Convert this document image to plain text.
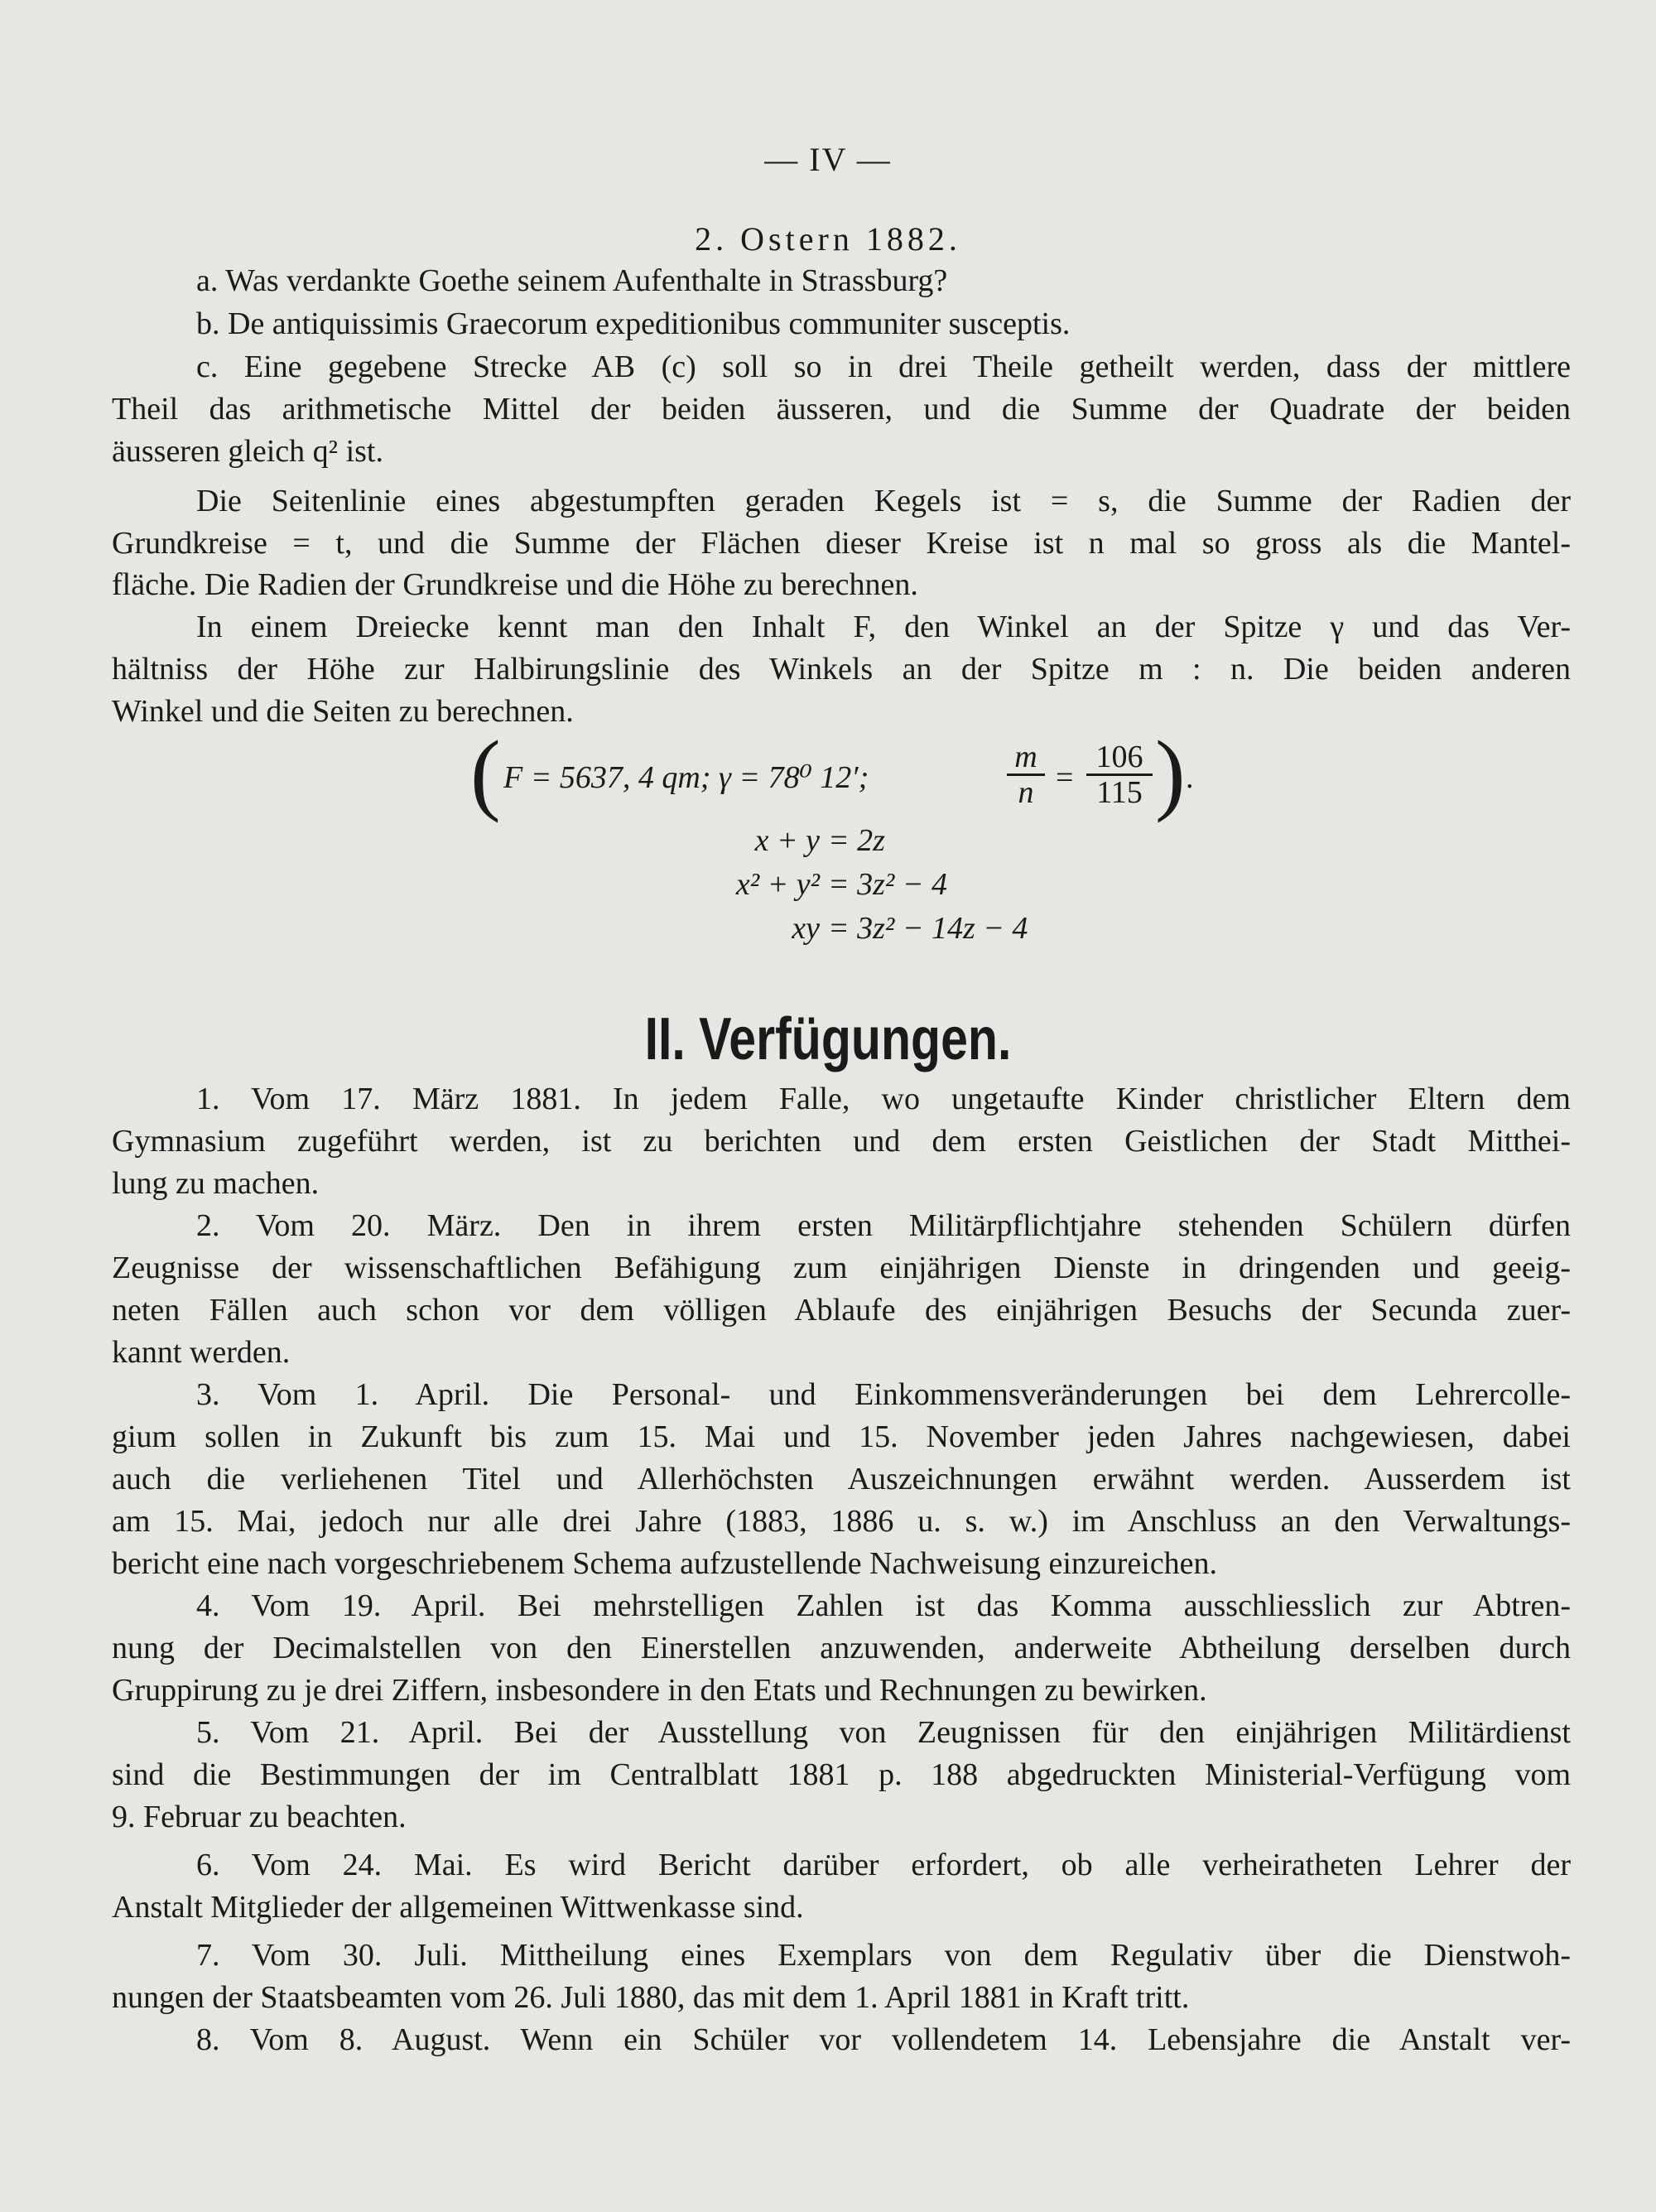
— IV —
2. Ostern 1882.
a. Was verdankte Goethe seinem Aufenthalte in Strassburg?
b. De antiquissimis Graecorum expeditionibus communiter susceptis.
c. Eine gegebene Strecke AB (c) soll so in drei Theile getheilt werden, dass der mittlere
Theil das arithmetische Mittel der beiden äusseren, und die Summe der Quadrate der beiden
äusseren gleich q² ist.
Die Seitenlinie eines abgestumpften geraden Kegels ist = s, die Summe der Radien der
Grundkreise = t, und die Summe der Flächen dieser Kreise ist n mal so gross als die Mantel-
fläche. Die Radien der Grundkreise und die Höhe zu berechnen.
In einem Dreiecke kennt man den Inhalt F, den Winkel an der Spitze γ und das Ver-
hältniss der Höhe zur Halbirungslinie des Winkels an der Spitze m : n. Die beiden anderen
Winkel und die Seiten zu berechnen.
( F = 5637, 4 qm; γ = 78⁰ 12′;	$\frac{m}{n} = \frac{106}{115}$ ) .
x + y = 2z
x² + y² = 3z² − 4
xy = 3z² − 14z − 4
II. Verfügungen.
1. Vom 17. März 1881. In jedem Falle, wo ungetaufte Kinder christlicher Eltern dem
Gymnasium zugeführt werden, ist zu berichten und dem ersten Geistlichen der Stadt Mitthei-
lung zu machen.
2. Vom 20. März. Den in ihrem ersten Militärpflichtjahre stehenden Schülern dürfen
Zeugnisse der wissenschaftlichen Befähigung zum einjährigen Dienste in dringenden und geeig-
neten Fällen auch schon vor dem völligen Ablaufe des einjährigen Besuchs der Secunda zuer-
kannt werden.
3. Vom 1. April. Die Personal- und Einkommensveränderungen bei dem Lehrercolle-
gium sollen in Zukunft bis zum 15. Mai und 15. November jeden Jahres nachgewiesen, dabei
auch die verliehenen Titel und Allerhöchsten Auszeichnungen erwähnt werden. Ausserdem ist
am 15. Mai, jedoch nur alle drei Jahre (1883, 1886 u. s. w.) im Anschluss an den Verwaltungs-
bericht eine nach vorgeschriebenem Schema aufzustellende Nachweisung einzureichen.
4. Vom 19. April. Bei mehrstelligen Zahlen ist das Komma ausschliesslich zur Abtren-
nung der Decimalstellen von den Einerstellen anzuwenden, anderweite Abtheilung derselben durch
Gruppirung zu je drei Ziffern, insbesondere in den Etats und Rechnungen zu bewirken.
5. Vom 21. April. Bei der Ausstellung von Zeugnissen für den einjährigen Militärdienst
sind die Bestimmungen der im Centralblatt 1881 p. 188 abgedruckten Ministerial-Verfügung vom
9. Februar zu beachten.
6. Vom 24. Mai. Es wird Bericht darüber erfordert, ob alle verheiratheten Lehrer der
Anstalt Mitglieder der allgemeinen Wittwenkasse sind.
7. Vom 30. Juli. Mittheilung eines Exemplars von dem Regulativ über die Dienstwoh-
nungen der Staatsbeamten vom 26. Juli 1880, das mit dem 1. April 1881 in Kraft tritt.
8. Vom 8. August. Wenn ein Schüler vor vollendetem 14. Lebensjahre die Anstalt ver-
